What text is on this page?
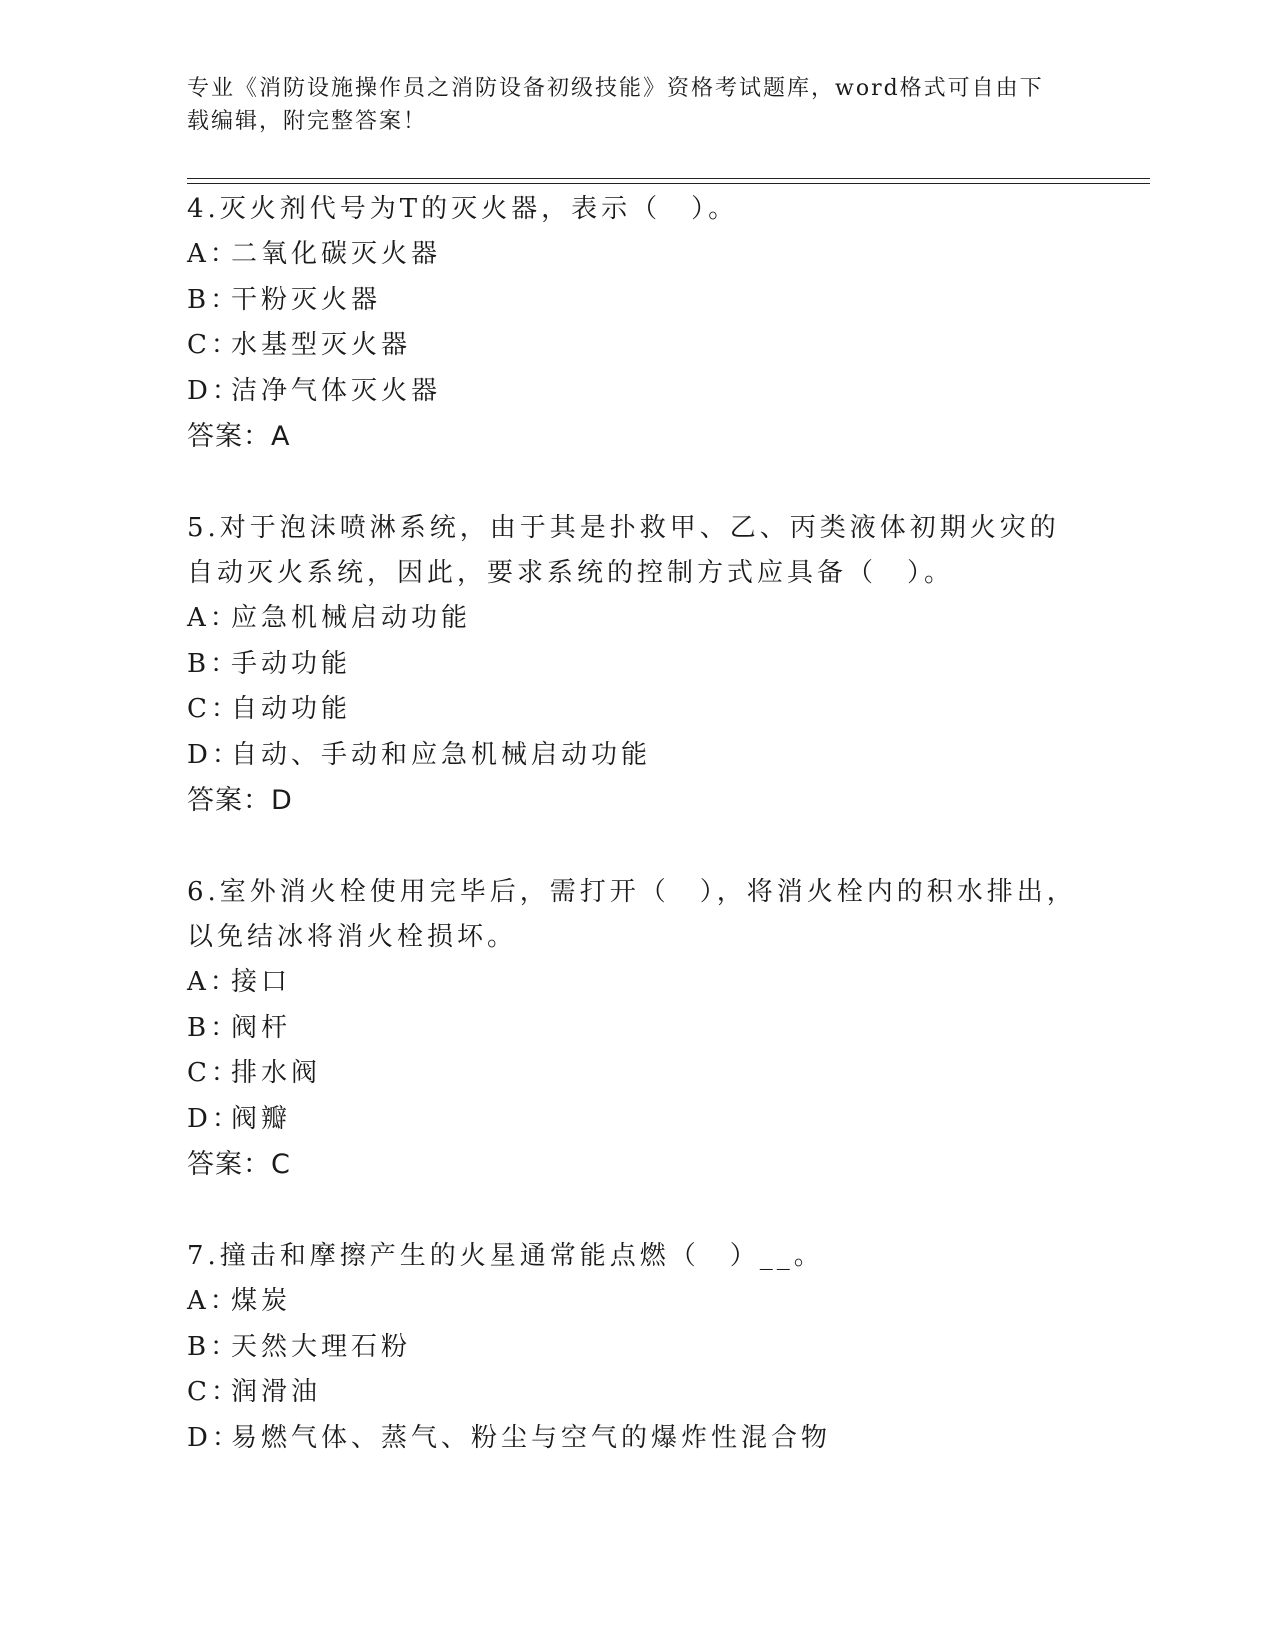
专业《消防设施操作员之消防设备初级技能》资格考试题库，word格式可自由下载编辑，附完整答案！

4.灭火剂代号为T的灭火器，表示（　）。

A：二氧化碳灭火器

B：干粉灭火器

C：水基型灭火器

D：洁净气体灭火器

答案：A

5.对于泡沫喷淋系统，由于其是扑救甲、乙、丙类液体初期火灾的自动灭火系统，因此，要求系统的控制方式应具备（　）。

A：应急机械启动功能

B：手动功能

C：自动功能

D：自动、手动和应急机械启动功能

答案：D

6.室外消火栓使用完毕后，需打开（　），将消火栓内的积水排出，以免结冰将消火栓损坏。

A：接口

B：阀杆

C：排水阀

D：阀瓣

答案：C

7.撞击和摩擦产生的火星通常能点燃（　）__。

A：煤炭

B：天然大理石粉

C：润滑油

D：易燃气体、蒸气、粉尘与空气的爆炸性混合物
